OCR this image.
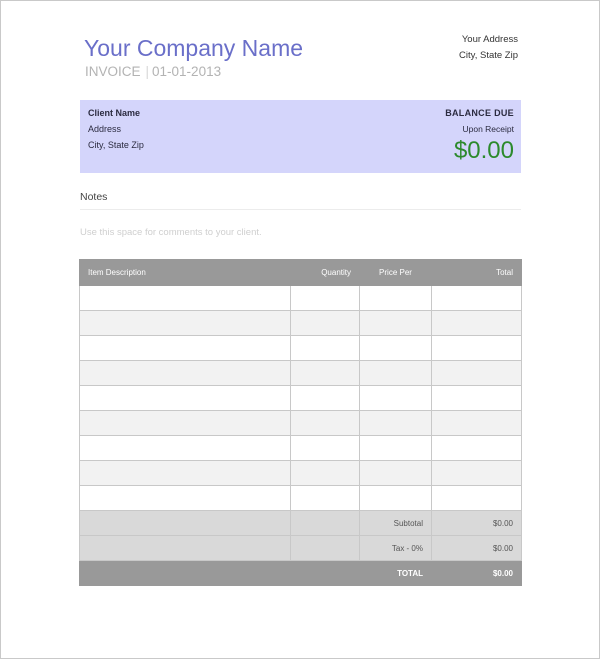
Your Company Name
INVOICE | 01-01-2013
Your Address
City, State Zip
Client Name
Address
City, State Zip
BALANCE DUE
Upon Receipt
$0.00
Notes
Use this space for comments to your client.
Item Description	Quantity	Price Per	Total

		Subtotal	$0.00
		Tax - 0%	$0.00
		TOTAL	$0.00
